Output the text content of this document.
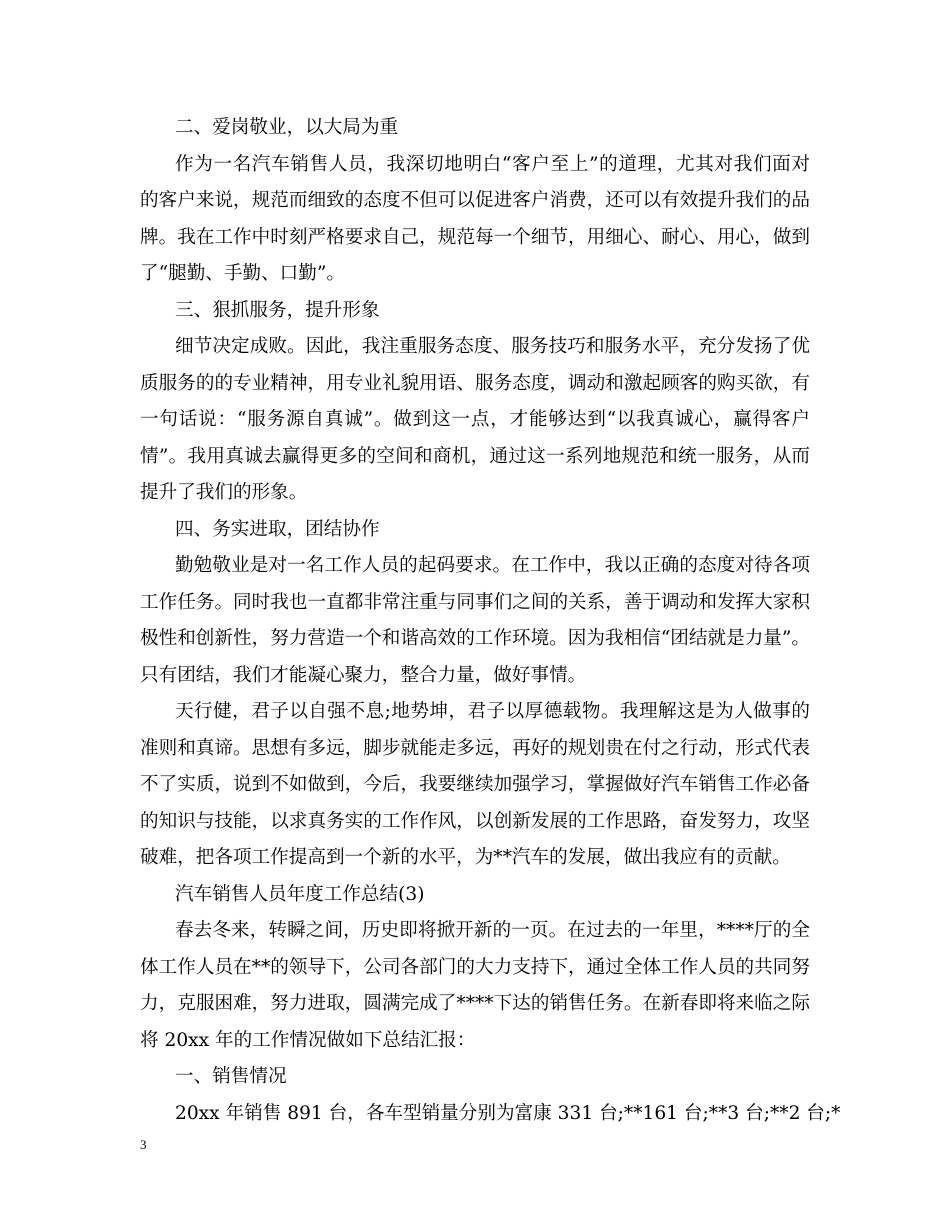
二、爱岗敬业，以大局为重
作为一名汽车销售人员，我深切地明白“客户至上”的道理，尤其对我们面对
的客户来说，规范而细致的态度不但可以促进客户消费，还可以有效提升我们的品
牌。我在工作中时刻严格要求自己，规范每一个细节，用细心、耐心、用心，做到
了“腿勤、手勤、口勤”。
三、狠抓服务，提升形象
细节决定成败。因此，我注重服务态度、服务技巧和服务水平，充分发扬了优
质服务的的专业精神，用专业礼貌用语、服务态度，调动和激起顾客的购买欲，有
一句话说：“服务源自真诚”。做到这一点，才能够达到“以我真诚心，赢得客户
情”。我用真诚去赢得更多的空间和商机，通过这一系列地规范和统一服务，从而
提升了我们的形象。
四、务实进取，团结协作
勤勉敬业是对一名工作人员的起码要求。在工作中，我以正确的态度对待各项
工作任务。同时我也一直都非常注重与同事们之间的关系，善于调动和发挥大家积
极性和创新性，努力营造一个和谐高效的工作环境。因为我相信“团结就是力量”。
只有团结，我们才能凝心聚力，整合力量，做好事情。
天行健，君子以自强不息;地势坤，君子以厚德载物。我理解这是为人做事的
准则和真谛。思想有多远，脚步就能走多远，再好的规划贵在付之行动，形式代表
不了实质，说到不如做到，今后，我要继续加强学习，掌握做好汽车销售工作必备
的知识与技能，以求真务实的工作作风，以创新发展的工作思路，奋发努力，攻坚
破难，把各项工作提高到一个新的水平，为**汽车的发展，做出我应有的贡献。
汽车销售人员年度工作总结(3)
春去冬来，转瞬之间，历史即将掀开新的一页。在过去的一年里，****厅的全
体工作人员在**的领导下，公司各部门的大力支持下，通过全体工作人员的共同努
力，克服困难，努力进取，圆满完成了****下达的销售任务。在新春即将来临之际
将 20xx 年的工作情况做如下总结汇报：
一、销售情况
20xx 年销售 891 台，各车型销量分别为富康 331 台;**161 台;**3 台;**2 台;*
3
